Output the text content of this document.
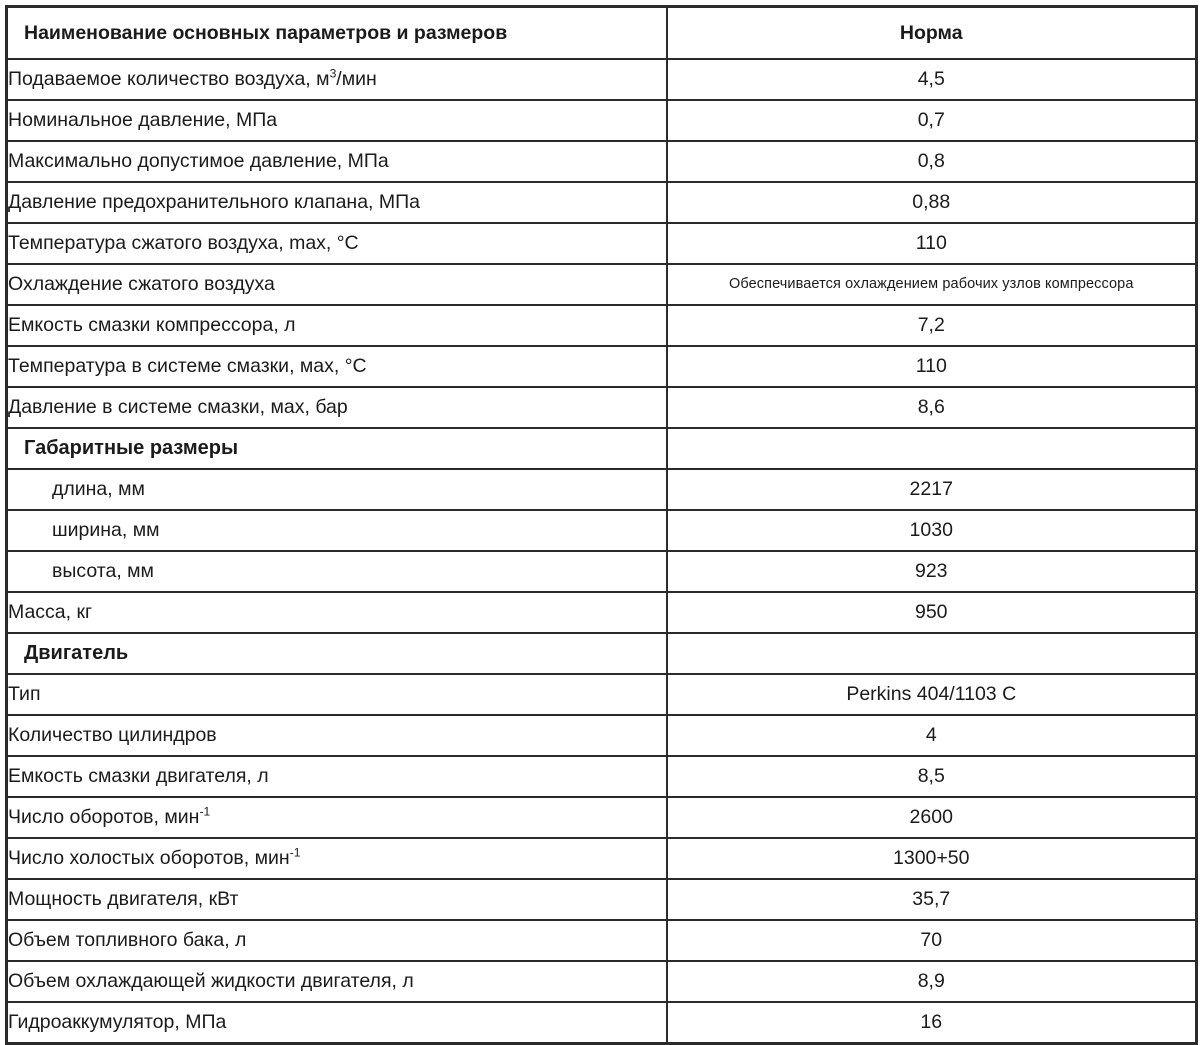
Наименование основных параметров и размеров	Норма
Подаваемое количество воздуха, $м^3$/мин	4,5
Номинальное давление, МПа	0,7
Максимально допустимое давление, МПа	0,8
Давление предохранительного клапана, МПа	0,88
Температура сжатого воздуха, max, °C	110
Охлаждение сжатого воздуха	Обеспечивается охлаждением рабочих узлов компрессора
Емкость смазки компрессора, л	7,2
Температура в системе смазки, мах, °C	110
Давление в системе смазки, мах, бар	8,6
Габаритные размеры	
длина, мм	2217
ширина, мм	1030
высота, мм	923
Масса, кг	950
Двигатель	
Тип	Perkins 404/1103 C
Количество цилиндров	4
Емкость смазки двигателя, л	8,5
Число оборотов, мин$^{-1}$	2600
Число холостых оборотов, мин$^{-1}$	1300+50
Мощность двигателя, кВт	35,7
Объем топливного бака, л	70
Объем охлаждающей жидкости двигателя, л	8,9
Гидроаккумулятор, МПа	16
